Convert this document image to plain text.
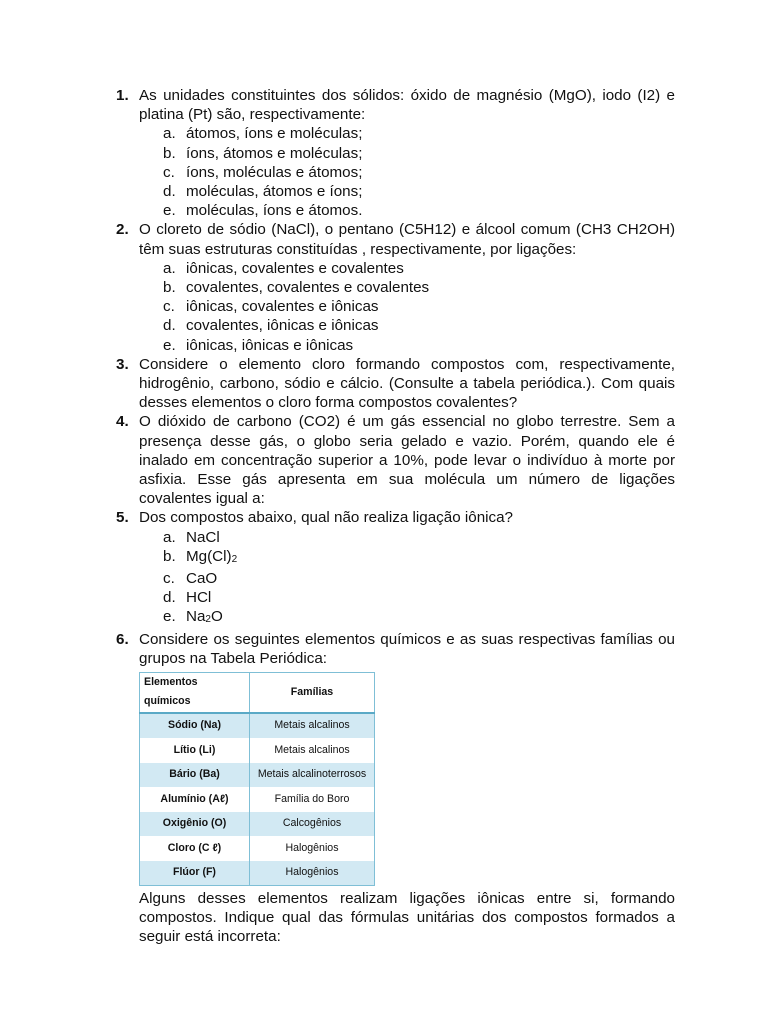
1. As unidades constituintes dos sólidos: óxido de magnésio (MgO), iodo (I2) e platina (Pt) são, respectivamente:
a. átomos, íons e moléculas;
b. íons, átomos e moléculas;
c. íons, moléculas e átomos;
d. moléculas, átomos e íons;
e. moléculas, íons e átomos.
2. O cloreto de sódio (NaCl), o pentano (C5H12) e álcool comum (CH3 CH2OH) têm suas estruturas constituídas , respectivamente, por ligações:
a. iônicas, covalentes e covalentes
b. covalentes, covalentes e covalentes
c. iônicas, covalentes e iônicas
d. covalentes, iônicas e iônicas
e. iônicas, iônicas e iônicas
3. Considere o elemento cloro formando compostos com, respectivamente, hidrogênio, carbono, sódio e cálcio. (Consulte a tabela periódica.). Com quais desses elementos o cloro forma compostos covalentes?
4. O dióxido de carbono (CO2) é um gás essencial no globo terrestre. Sem a presença desse gás, o globo seria gelado e vazio. Porém, quando ele é inalado em concentração superior a 10%, pode levar o indivíduo à morte por asfixia. Esse gás apresenta em sua molécula um número de ligações covalentes igual a:
5. Dos compostos abaixo, qual não realiza ligação iônica?
a. NaCl
b. $Mg(Cl)_2$
c. CaO
d. HCl
e. $Na_2O$
6. Considere os seguintes elementos químicos e as suas respectivas famílias ou grupos na Tabela Periódica:
Elementos químicos	Famílias
Sódio (Na)	Metais alcalinos
Lítio (Li)	Metais alcalinos
Bário (Ba)	Metais alcalinoterrosos
Alumínio (Aℓ)	Família do Boro
Oxigênio (O)	Calcogênios
Cloro (C ℓ)	Halogênios
Flúor (F)	Halogênios
Alguns desses elementos realizam ligações iônicas entre si, formando compostos. Indique qual das fórmulas unitárias dos compostos formados a seguir está incorreta:
